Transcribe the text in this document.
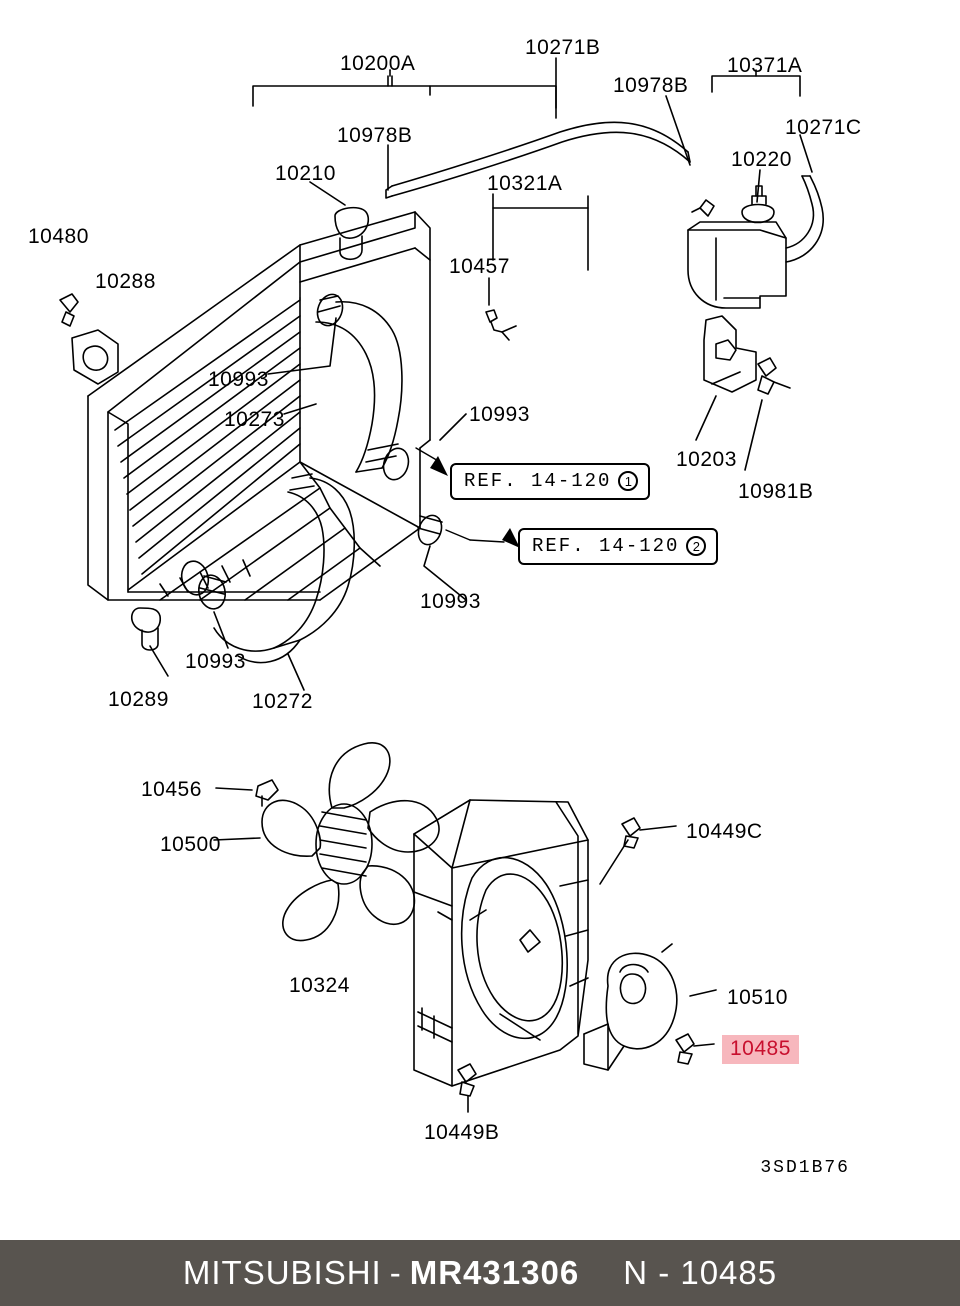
10200A
10271B
10978B
10371A
10271C
10978B
10220
10210	10321A
10480
10457
10288
10993
10273	10993
10203
10981B
10993
10993
10289	10272
10456
10449C
10500
10324
10510
10485
10449B
REF. 14-120	1
REF. 14-120	2
3SD1B76
MITSUBISHI - MR431306	N - 10485
